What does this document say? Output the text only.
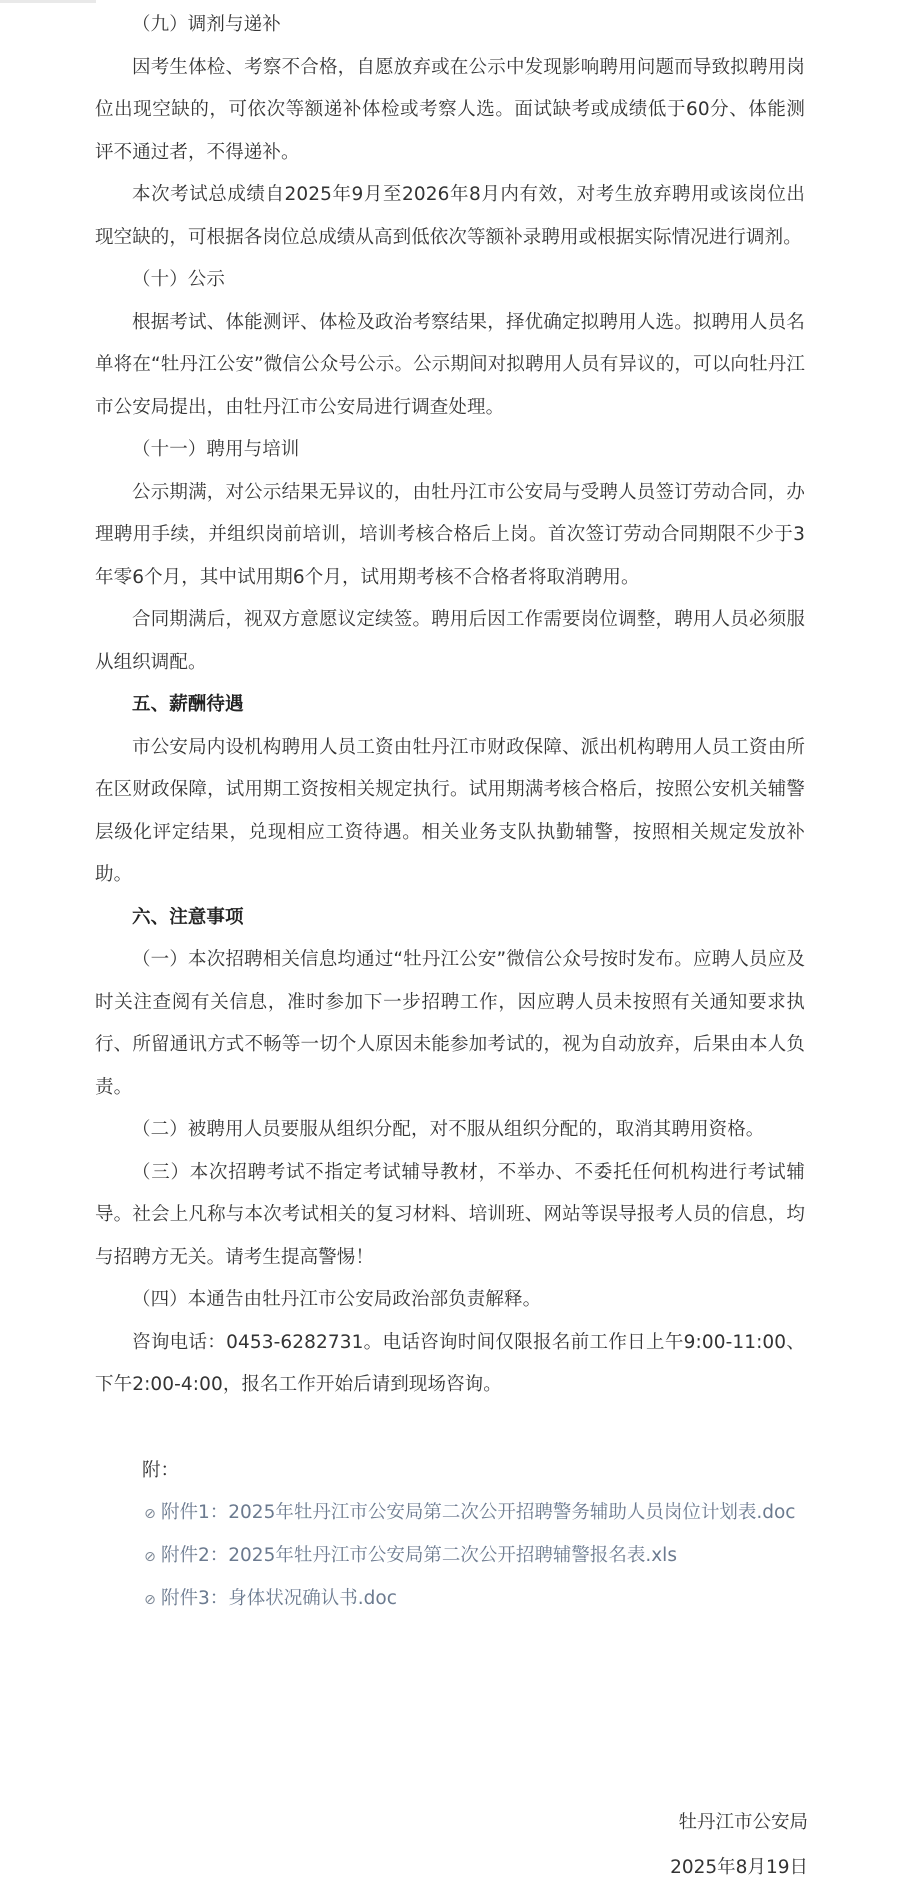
（九）调剂与递补

因考生体检、考察不合格，自愿放弃或在公示中发现影响聘用问题而导致拟聘用岗位出现空缺的，可依次等额递补体检或考察人选。面试缺考或成绩低于60分、体能测评不通过者，不得递补。

本次考试总成绩自2025年9月至2026年8月内有效，对考生放弃聘用或该岗位出现空缺的，可根据各岗位总成绩从高到低依次等额补录聘用或根据实际情况进行调剂。

（十）公示

根据考试、体能测评、体检及政治考察结果，择优确定拟聘用人选。拟聘用人员名单将在“牡丹江公安”微信公众号公示。公示期间对拟聘用人员有异议的，可以向牡丹江市公安局提出，由牡丹江市公安局进行调查处理。

（十一）聘用与培训

公示期满，对公示结果无异议的，由牡丹江市公安局与受聘人员签订劳动合同，办理聘用手续，并组织岗前培训，培训考核合格后上岗。首次签订劳动合同期限不少于3年零6个月，其中试用期6个月，试用期考核不合格者将取消聘用。

合同期满后，视双方意愿议定续签。聘用后因工作需要岗位调整，聘用人员必须服从组织调配。

五、薪酬待遇

市公安局内设机构聘用人员工资由牡丹江市财政保障、派出机构聘用人员工资由所在区财政保障，试用期工资按相关规定执行。试用期满考核合格后，按照公安机关辅警层级化评定结果，兑现相应工资待遇。相关业务支队执勤辅警，按照相关规定发放补助。

六、注意事项

（一）本次招聘相关信息均通过“牡丹江公安”微信公众号按时发布。应聘人员应及时关注查阅有关信息，准时参加下一步招聘工作，因应聘人员未按照有关通知要求执行、所留通讯方式不畅等一切个人原因未能参加考试的，视为自动放弃，后果由本人负责。

（二）被聘用人员要服从组织分配，对不服从组织分配的，取消其聘用资格。

（三）本次招聘考试不指定考试辅导教材，不举办、不委托任何机构进行考试辅导。社会上凡称与本次考试相关的复习材料、培训班、网站等误导报考人员的信息，均与招聘方无关。请考生提高警惕！

（四）本通告由牡丹江市公安局政治部负责解释。

咨询电话：0453-6282731。电话咨询时间仅限报名前工作日上午9:00-11:00、下午2:00-4:00，报名工作开始后请到现场咨询。

附：

⊘ 附件1：2025年牡丹江市公安局第二次公开招聘警务辅助人员岗位计划表.doc
⊘ 附件2：2025年牡丹江市公安局第二次公开招聘辅警报名表.xls
⊘ 附件3：身体状况确认书.doc
牡丹江市公安局
2025年8月19日
